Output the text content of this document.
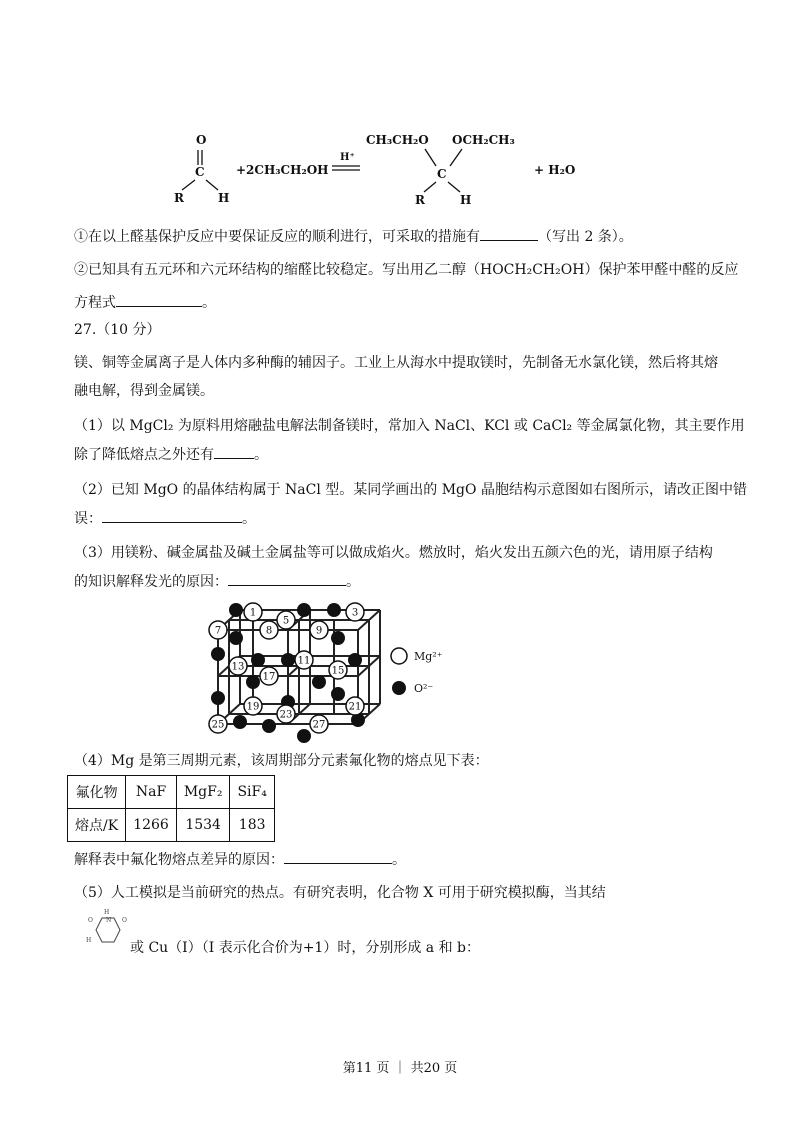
O
C
R	H
+2CH₃CH₂OH
H⁺
CH₃CH₂O OCH₂CH₃
C
R	H
+ H₂O
①在以上醛基保护反应中要保证反应的顺利进行，可采取的措施有	（写出 2 条）。
②已知具有五元环和六元环结构的缩醛比较稳定。写出用乙二醇（HOCH₂CH₂OH）保护苯甲醛中醛的反应
方程式	。
27.（10 分）
镁、铜等金属离子是人体内多种酶的辅因子。工业上从海水中提取镁时，先制备无水氯化镁，然后将其熔
融电解，得到金属镁。
（1）以 MgCl₂ 为原料用熔融盐电解法制备镁时，常加入 NaCl、KCl 或 CaCl₂ 等金属氯化物，其主要作用
除了降低熔点之外还有	。
（2）已知 MgO 的晶体结构属于 NaCl 型。某同学画出的 MgO 晶胞结构示意图如右图所示，请改正图中错
误：	。
（3）用镁粉、碱金属盐及碱土金属盐等可以做成焰火。燃放时，焰火发出五颜六色的光，请用原子结构
的知识解释发光的原因：	。
1	3
5
7	8	9
11
13	15
17
19	21
23
25	27
Mg²⁺
O²⁻
（4）Mg 是第三周期元素，该周期部分元素氟化物的熔点见下表：
氟化物	NaF	MgF₂	SiF₄
熔点/K	1266	1534	183
解释表中氟化物熔点差异的原因：	。
（5）人工模拟是当前研究的热点。有研究表明，化合物 X 可用于研究模拟酶，当其结
H
O N O
H	或 Cu（I）（I 表示化合价为+1）时，分别形成 a 和 b：
第11 页 ｜ 共20 页
